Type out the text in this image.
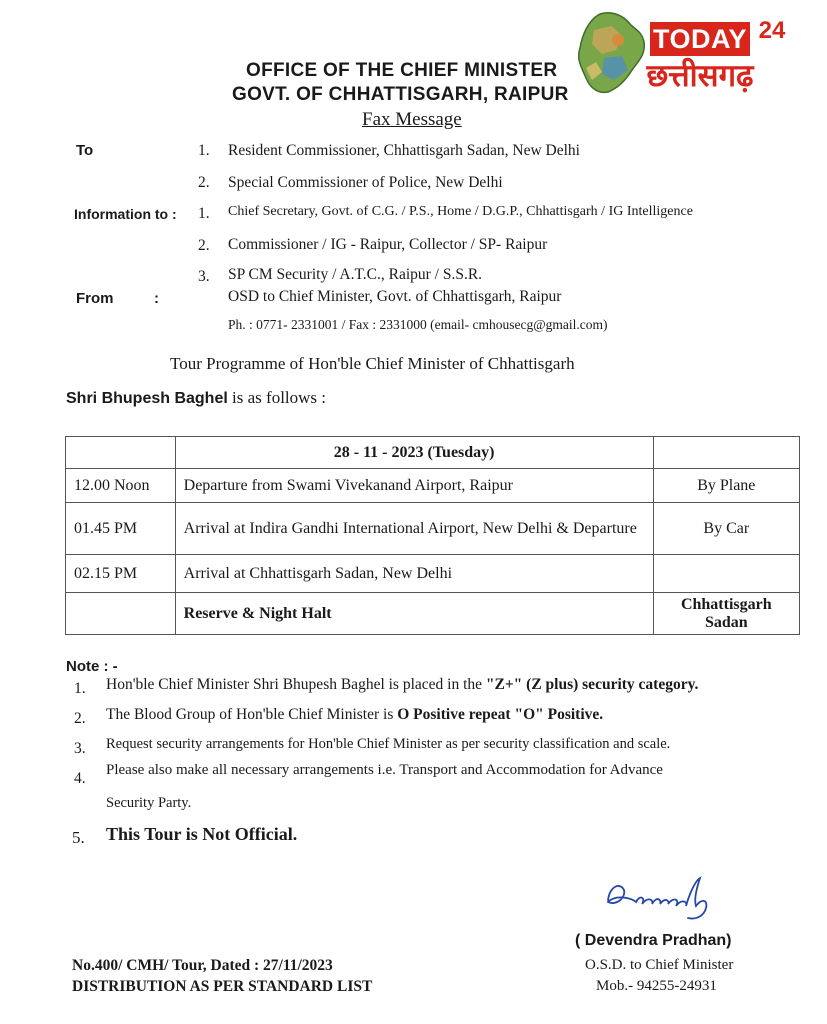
TODAY 24
छत्तीसगढ़
OFFICE OF THE CHIEF MINISTER
GOVT. OF CHHATTISGARH, RAIPUR
Fax Message
To	1. Resident Commissioner, Chhattisgarh Sadan, New Delhi
2. Special Commissioner of Police, New Delhi
Information to : 1. Chief Secretary, Govt. of C.G. / P.S., Home / D.G.P., Chhattisgarh / IG Intelligence
2. Commissioner / IG - Raipur, Collector / SP- Raipur
3. SP CM Security / A.T.C., Raipur / S.S.R.
From	:	OSD to Chief Minister, Govt. of Chhattisgarh, Raipur
Ph. : 0771- 2331001 / Fax : 2331000 (email- cmhousecg@gmail.com)
Tour Programme of Hon'ble Chief Minister of Chhattisgarh
Shri Bhupesh Baghel is as follows :
	28 - 11 - 2023 (Tuesday)	
12.00 Noon	Departure from Swami Vivekanand Airport, Raipur	By Plane
01.45 PM	Arrival at Indira Gandhi International Airport, New Delhi & Departure	By Car
02.15 PM	Arrival at Chhattisgarh Sadan, New Delhi	
	Reserve & Night Halt	Chhattisgarh Sadan
Note : -
1. Hon'ble Chief Minister Shri Bhupesh Baghel is placed in the "Z+" (Z plus) security category.
2. The Blood Group of Hon'ble Chief Minister is O Positive repeat "O" Positive.
3. Request security arrangements for Hon'ble Chief Minister as per security classification and scale.
4. Please also make all necessary arrangements i.e. Transport and Accommodation for Advance
Security Party.
5. This Tour is Not Official.
( Devendra Pradhan)
O.S.D. to Chief Minister
Mob.- 94255-24931
No.400/ CMH/ Tour, Dated : 27/11/2023
DISTRIBUTION AS PER STANDARD LIST
